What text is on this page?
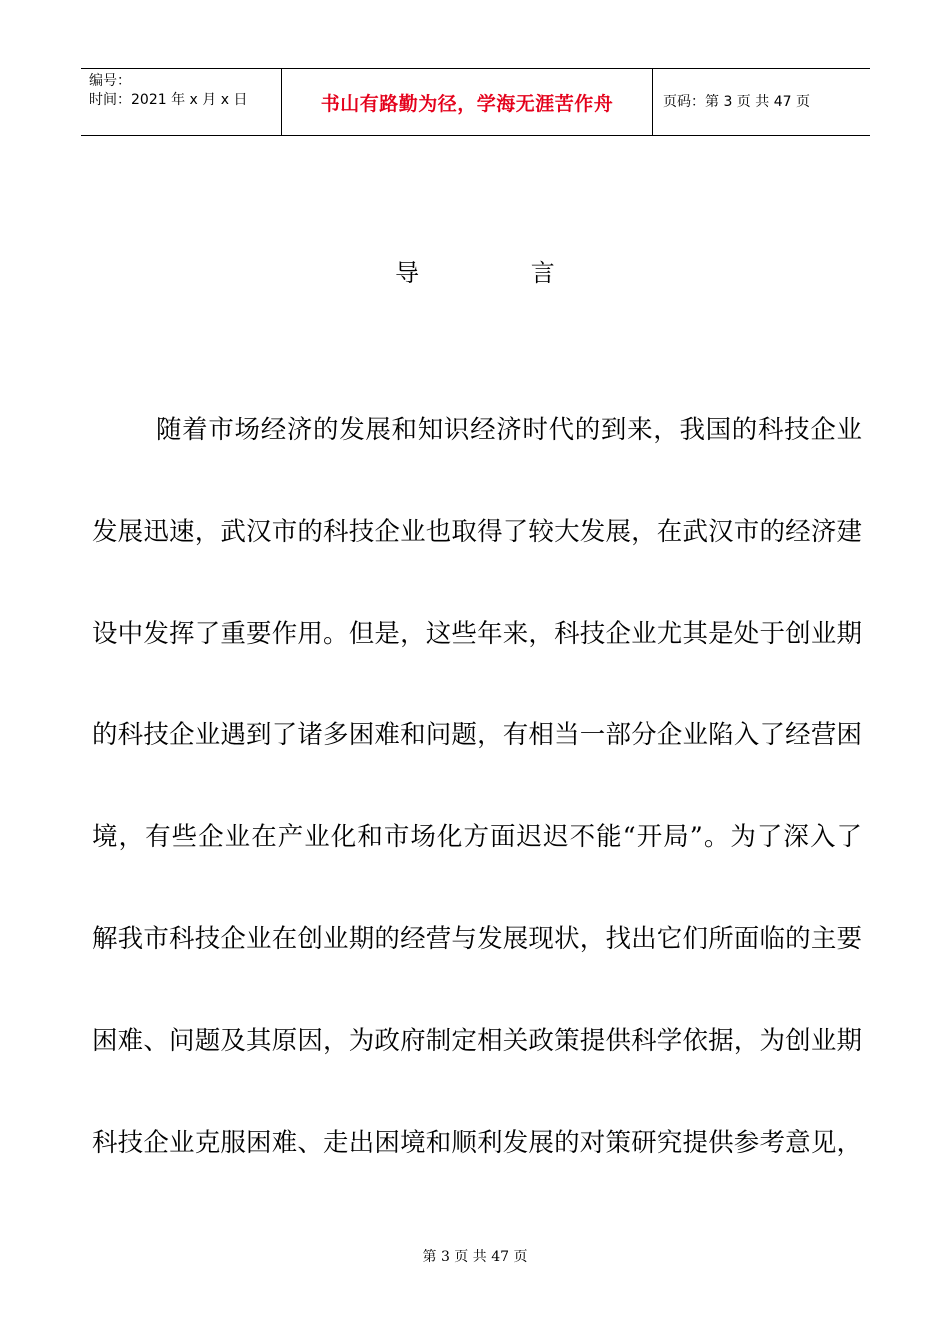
编号：
时间：2021 年 x 月 x 日	书山有路勤为径，学海无涯苦作舟	页码：第 3 页 共 47 页
导 言
随着市场经济的发展和知识经济时代的到来，我国的科技企业
发展迅速，武汉市的科技企业也取得了较大发展，在武汉市的经济建
设中发挥了重要作用。但是，这些年来，科技企业尤其是处于创业期
的科技企业遇到了诸多困难和问题，有相当一部分企业陷入了经营困
境，有些企业在产业化和市场化方面迟迟不能“开局”。为了深入了
解我市科技企业在创业期的经营与发展现状，找出它们所面临的主要
困难、问题及其原因，为政府制定相关政策提供科学依据，为创业期
科技企业克服困难、走出困境和顺利发展的对策研究提供参考意见，
第 3 页 共 47 页
